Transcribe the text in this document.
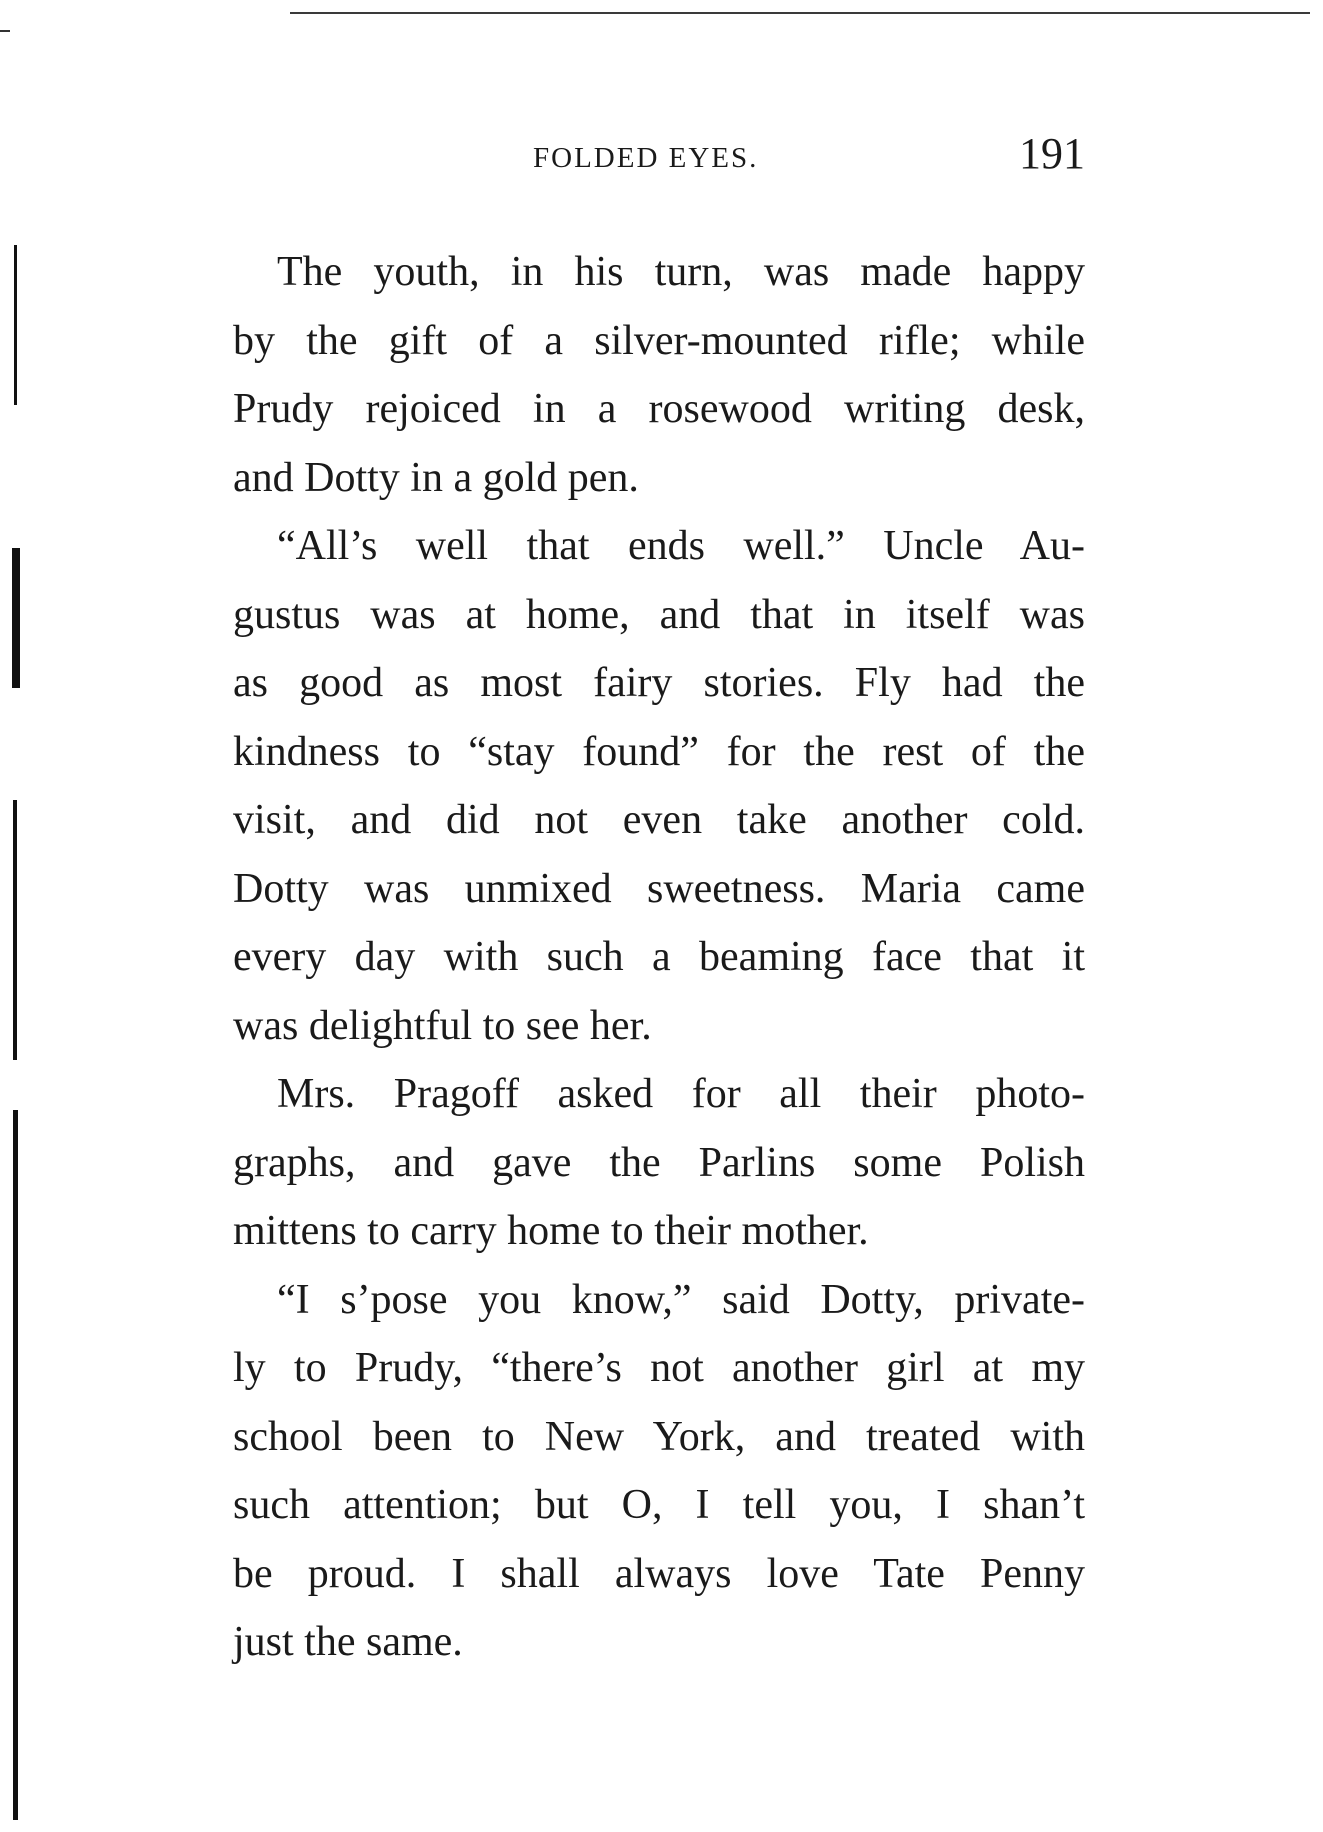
FOLDED EYES.	191
The youth, in his turn, was made happy
by the gift of a silver-mounted rifle; while
Prudy rejoiced in a rosewood writing desk,
and Dotty in a gold pen.
“All’s well that ends well.” Uncle Au-
gustus was at home, and that in itself was
as good as most fairy stories. Fly had the
kindness to “stay found” for the rest of the
visit, and did not even take another cold.
Dotty was unmixed sweetness. Maria came
every day with such a beaming face that it
was delightful to see her.
Mrs. Pragoff asked for all their photo-
graphs, and gave the Parlins some Polish
mittens to carry home to their mother.
“I s’pose you know,” said Dotty, private-
ly to Prudy, “there’s not another girl at my
school been to New York, and treated with
such attention; but O, I tell you, I shan’t
be proud. I shall always love Tate Penny
just the same.
